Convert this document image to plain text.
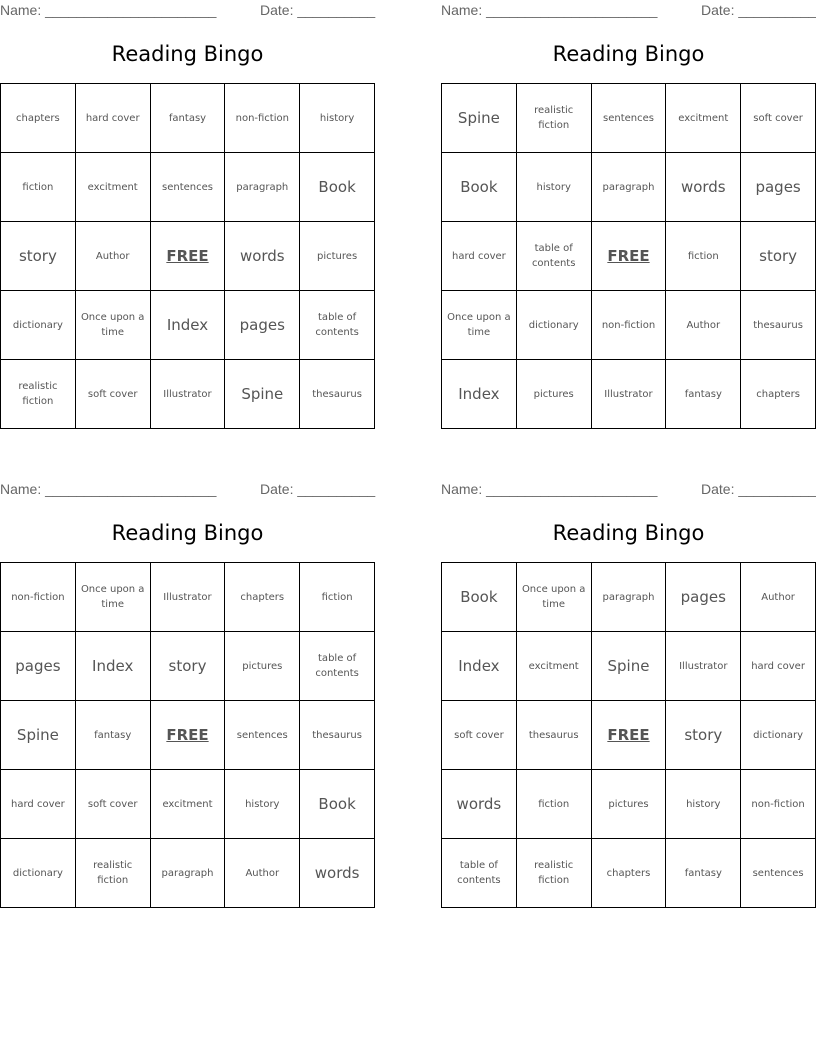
Name: ______________________	Date: __________
Reading Bingo
chapters	hard cover	fantasy	non-fiction	history
fiction	excitment	sentences	paragraph	Book
story	Author	FREE	words	pictures
dictionary	Once upon a time	Index	pages	table of contents
realistic fiction	soft cover	Illustrator	Spine	thesaurus
Name: ______________________	Date: __________
Reading Bingo
Spine	realistic fiction	sentences	excitment	soft cover
Book	history	paragraph	words	pages
hard cover	table of contents	FREE	fiction	story
Once upon a time	dictionary	non-fiction	Author	thesaurus
Index	pictures	Illustrator	fantasy	chapters
Name: ______________________	Date: __________
Reading Bingo
non-fiction	Once upon a time	Illustrator	chapters	fiction
pages	Index	story	pictures	table of contents
Spine	fantasy	FREE	sentences	thesaurus
hard cover	soft cover	excitment	history	Book
dictionary	realistic fiction	paragraph	Author	words
Name: ______________________	Date: __________
Reading Bingo
Book	Once upon a time	paragraph	pages	Author
Index	excitment	Spine	Illustrator	hard cover
soft cover	thesaurus	FREE	story	dictionary
words	fiction	pictures	history	non-fiction
table of contents	realistic fiction	chapters	fantasy	sentences
